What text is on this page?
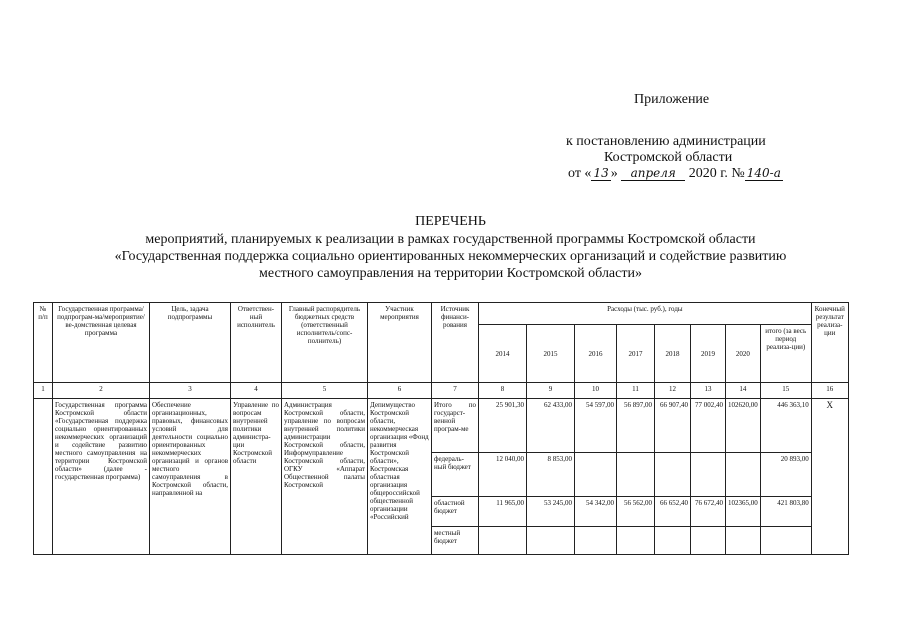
Приложение
к постановлению администрации
Костромской области
от « 13 » апреля 2020 г. № 140-а
ПЕРЕЧЕНЬ
мероприятий, планируемых к реализации в рамках государственной программы Костромской области
«Государственная поддержка социально ориентированных некоммерческих организаций и содействие развитию
местного самоуправления на территории Костромской области»
№ п/п	Государственная программа/подпрограм-ма/мероприятие/ве-домственная целевая программа	Цель, задача подпрограммы	Ответствен-ный исполнитель	Главный распорядитель бюджетных средств (ответственный исполнитель/сопс-полнитель)	Участник мероприятия	Источник финанси-рования	Расходы (тыс. руб.), годы								Конечный результат реализа-ции
							2014	2015	2016	2017	2018	2019	2020	итого (за весь период реализа-ции)	
1	2	3	4	5	6	7	8	9	10	11	12	13	14	15	16
	Государственная программа Костромской области «Государственная поддержка социально ориентированных некоммерческих организаций и содействие развитию местного самоуправления на территории Костромской области» (далее - государственная программа)	Обеспечение организационных, правовых, финансовых условий для деятельности социально ориентированных некоммерческих организаций и органов местного самоуправления в Костромской области, направленной на	Управление по вопросам внутренней политики администра-ции Костромской области	Администрация Костромской области, управление по вопросам внутренней политики администрации Костромской области, Информуправление Костромской области, ОГКУ «Аппарат Общественной палаты Костромской	Депимущество Костромской области, некоммерческая организация «Фонд развития Костромской области», Костромская областная организация общероссийской общественной организации «Российский	Итого по государст-венной програм-ме	25 901,30	62 433,00	54 597,00	56 897,00	66 907,40	77 002,40	102620,00	446 363,10	Х
						федераль-ный бюджет	12 040,00	8 853,00						20 893,00	
						областной бюджет	11 965,00	53 245,00	54 342,00	56 562,00	66 652,40	76 672,40	102365,00	421 803,80	
						местный бюджет									
